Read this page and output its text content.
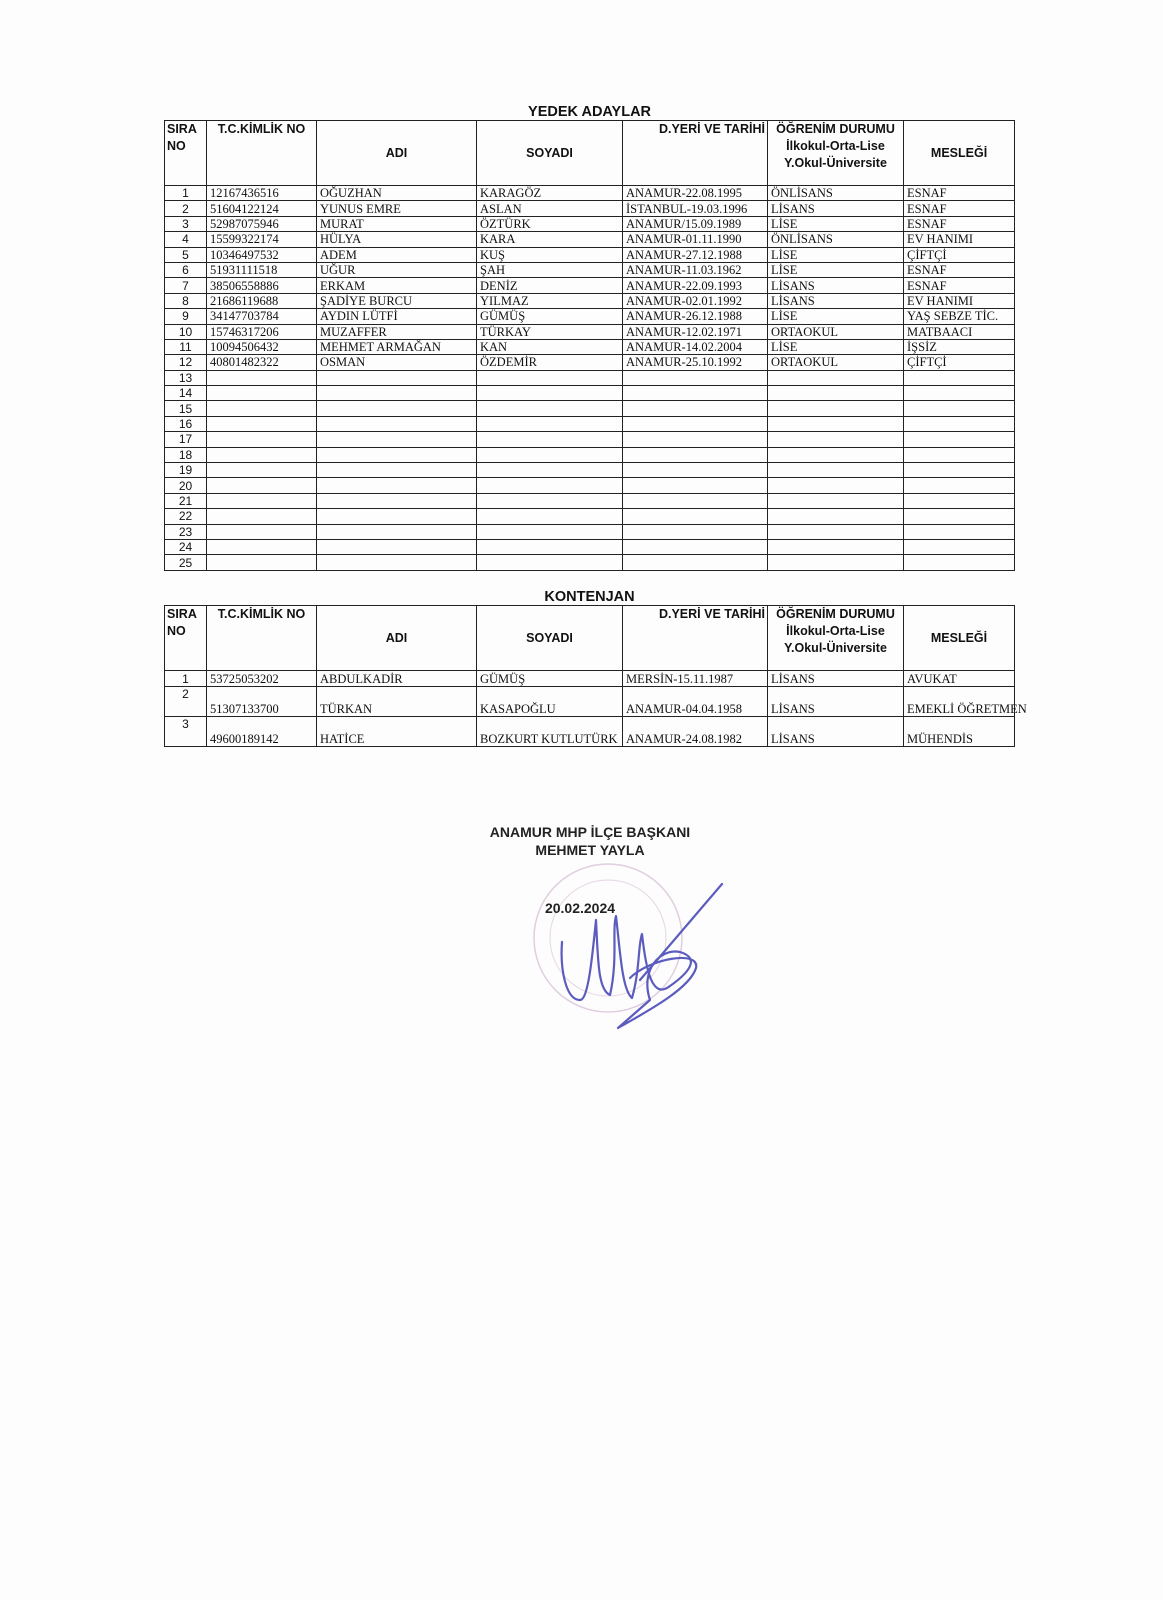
YEDEK ADAYLAR						
SIRA NO	T.C.KİMLİK NO	ADI	SOYADI	D.YERİ VE TARİHİ	ÖĞRENİM DURUMU İlkokul-Orta-Lise Y.Okul-Üniversite	MESLEĞİ
1	12167436516	OĞUZHAN	KARAGÖZ	ANAMUR-22.08.1995	ÖNLİSANS	ESNAF
2	51604122124	YUNUS EMRE	ASLAN	İSTANBUL-19.03.1996	LİSANS	ESNAF
3	52987075946	MURAT	ÖZTÜRK	ANAMUR/15.09.1989	LİSE	ESNAF
4	15599322174	HÜLYA	KARA	ANAMUR-01.11.1990	ÖNLİSANS	EV HANIMI
5	10346497532	ADEM	KUŞ	ANAMUR-27.12.1988	LİSE	ÇİFTÇİ
6	51931111518	UĞUR	ŞAH	ANAMUR-11.03.1962	LİSE	ESNAF
7	38506558886	ERKAM	DENİZ	ANAMUR-22.09.1993	LİSANS	ESNAF
8	21686119688	ŞADİYE BURCU	YILMAZ	ANAMUR-02.01.1992	LİSANS	EV HANIMI
9	34147703784	AYDIN LÜTFİ	GÜMÜŞ	ANAMUR-26.12.1988	LİSE	YAŞ SEBZE TİC.
10	15746317206	MUZAFFER	TÜRKAY	ANAMUR-12.02.1971	ORTAOKUL	MATBAACI
11	10094506432	MEHMET ARMAĞAN	KAN	ANAMUR-14.02.2004	LİSE	İŞSİZ
12	40801482322	OSMAN	ÖZDEMİR	ANAMUR-25.10.1992	ORTAOKUL	ÇİFTÇİ
13						
14						
15						
16						
17						
18						
19						
20						
21						
22						
23						
24						
25						
KONTENJAN						
SIRA NO	T.C.KİMLİK NO	ADI	SOYADI	D.YERİ VE TARİHİ	ÖĞRENİM DURUMU İlkokul-Orta-Lise Y.Okul-Üniversite	MESLEĞİ
1	53725053202	ABDULKADİR	GÜMÜŞ	MERSİN-15.11.1987	LİSANS	AVUKAT
2	51307133700	TÜRKAN	KASAPOĞLU	ANAMUR-04.04.1958	LİSANS	EMEKLİ ÖĞRETMEN
3	49600189142	HATİCE	BOZKURT KUTLUTÜRK	ANAMUR-24.08.1982	LİSANS	MÜHENDİS
ANAMUR MHP İLÇE BAŞKANI
MEHMET YAYLA
20.02.2024
